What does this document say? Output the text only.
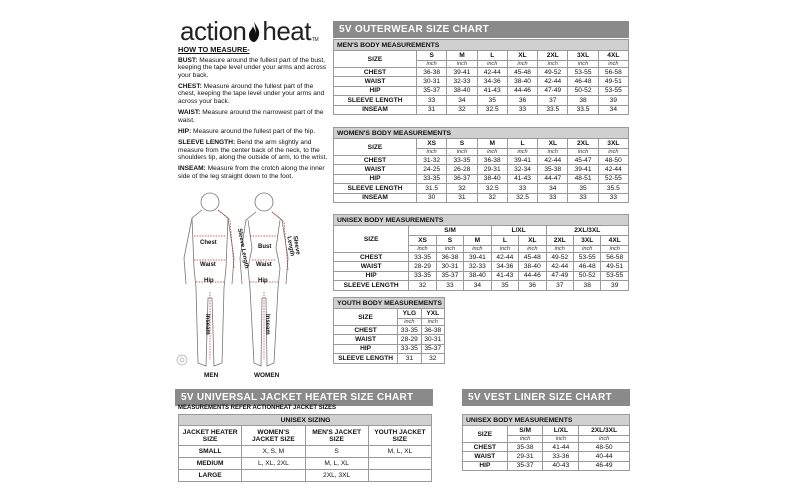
action heat TM
HOW TO MEASURE-

BUST: Measure around the fullest part of the bust, keeping the tape level under your arms and across your back.

CHEST: Measure around the fullest part of the chest, keeping the tape level under your arms and across your back.

WAIST: Measure around the narrowest part of the waist.

HIP: Measure around the fullest part of the hip.

SLEEVE LENGTH: Bend the arm slightly and measure from the center back of the neck, to the shoulders tip, along the outside of arm, to the wrist.

INSEAM: Measure from the crotch along the inner side of the leg straight down to the foot.

Chest
Waist
Hip
Inseam
Sleeve Length Bust
Waist
Hip
Inseam
Sleeve Length
MEN	WOMEN
5V OUTERWEAR SIZE CHART
MEN'S BODY MEASUREMENTS							
SIZE	S	M	L	XL	2XL	3XL	4XL
	inch	inch	inch	inch	inch	inch	inch
CHEST	36-38	39-41	42-44	45-48	49-52	53-55	56-58
WAIST	30-31	32-33	34-36	38-40	42-44	46-48	49-51
HIP	35-37	38-40	41-43	44-46	47-49	50-52	53-55
SLEEVE LENGTH	33	34	35	36	37	38	39
INSEAM	31	32	32.5	33	33.5	33.5	34
WOMEN'S BODY MEASUREMENTS							
SIZE	XS	S	M	L	XL	2XL	3XL
	inch	inch	inch	inch	inch	inch	inch
CHEST	31-32	33-35	36-38	39-41	42-44	45-47	48-50
WAIST	24-25	26-28	29-31	32-34	35-38	39-41	42-44
HIP	33-35	36-37	38-40	41-43	44-47	48-51	52-55
SLEEVE LENGTH	31.5	32	32.5	33	34	35	35.5
INSEAM	30	31	32	32.5	33	33	33
UNISEX BODY MEASUREMENTS								
SIZE	S/M			L/XL		2XL/3XL		
	XS	S	M	L	XL	2XL	3XL	4XL
	inch	inch	inch	inch	inch	inch	inch	inch
CHEST	33-35	36-38	39-41	42-44	45-48	49-52	53-55	56-58
WAIST	28-29	30-31	32-33	34-36	38-40	42-44	46-48	49-51
HIP	33-35	35-37	38-40	41-43	44-46	47-49	50-52	53-55
SLEEVE LENGTH	32	33	34	35	36	37	38	39
YOUTH BODY MEASUREMENTS		
SIZE	YLG	YXL
	inch	inch
CHEST	33-35	36-38
WAIST	28-29	30-31
HIP	33-35	35-37
SLEEVE LENGTH	31	32
5V UNIVERSAL JACKET HEATER SIZE CHART
MEASUREMENTS REFER ACTIONHEAT JACKET SIZES
UNISEX SIZING			
JACKET HEATER SIZE	WOMEN'S JACKET SIZE	MEN'S JACKET SIZE	YOUTH JACKET SIZE
SMALL	X, S, M	S	M, L, XL
MEDIUM	L, XL, 2XL	M, L, XL	
LARGE		2XL, 3XL	
5V VEST LINER SIZE CHART
UNISEX BODY MEASUREMENTS			
SIZE	S/M	L/XL	2XL/3XL
	inch	inch	inch
CHEST	35-38	41-44	48-50
WAIST	29-31	33-36	40-44
HIP	35-37	40-43	46-49
